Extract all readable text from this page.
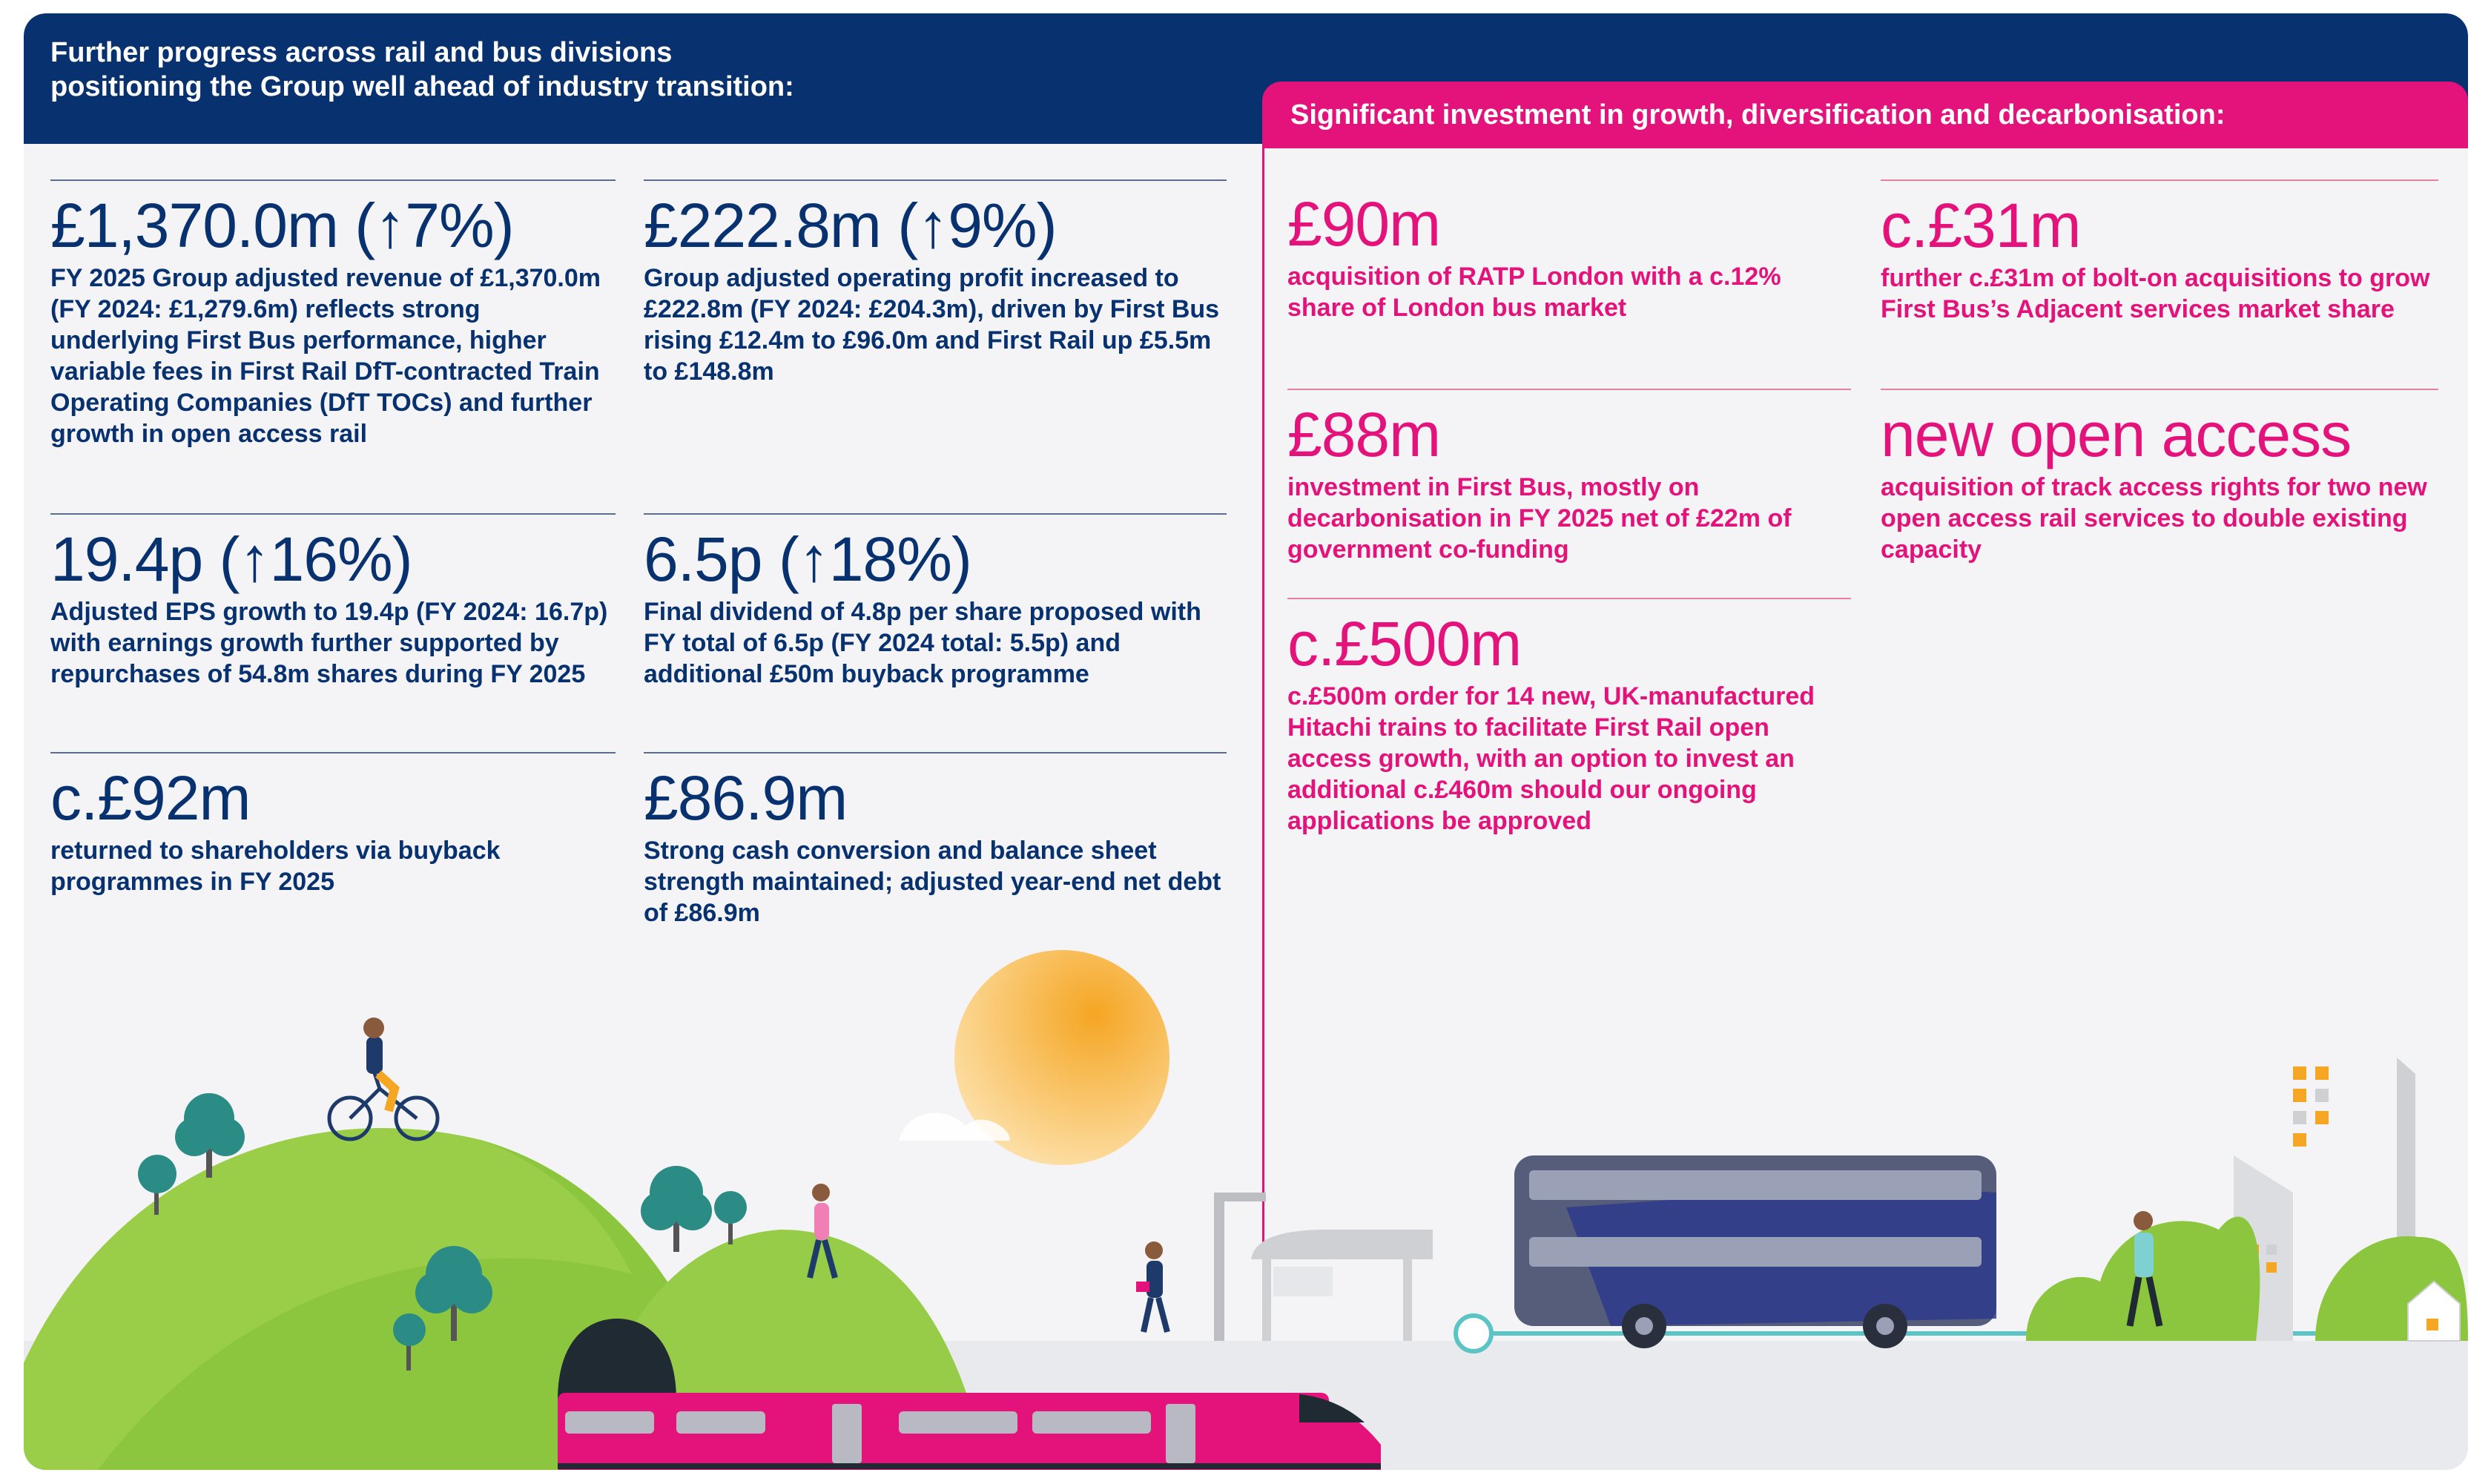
Further progress across rail and bus divisions
positioning the Group well ahead of industry transition:
Significant investment in growth, diversification and decarbonisation:
£1,370.0m (↑7%)
FY 2025 Group adjusted revenue of £1,370.0m (FY 2024: £1,279.6m) reflects strong underlying First Bus performance, higher variable fees in First Rail DfT-contracted Train Operating Companies (DfT TOCs) and further growth in open access rail
£222.8m (↑9%)
Group adjusted operating profit increased to £222.8m (FY 2024: £204.3m), driven by First Bus rising £12.4m to £96.0m and First Rail up £5.5m to £148.8m
19.4p (↑16%)
Adjusted EPS growth to 19.4p (FY 2024: 16.7p) with earnings growth further supported by repurchases of 54.8m shares during FY 2025
6.5p (↑18%)
Final dividend of 4.8p per share proposed with FY total of 6.5p (FY 2024 total: 5.5p) and additional £50m buyback programme
c.£92m
returned to shareholders via buyback programmes in FY 2025
£86.9m
Strong cash conversion and balance sheet strength maintained; adjusted year-end net debt of £86.9m
£90m
acquisition of RATP London with a c.12% share of London bus market
c.£31m
further c.£31m of bolt-on acquisitions to grow First Bus’s Adjacent services market share
£88m
investment in First Bus, mostly on decarbonisation in FY 2025 net of £22m of government co-funding
new open access
acquisition of track access rights for two new open access rail services to double existing capacity
c.£500m
c.£500m order for 14 new, UK-manufactured Hitachi trains to facilitate First Rail open access growth, with an option to invest an additional c.£460m should our ongoing applications be approved
